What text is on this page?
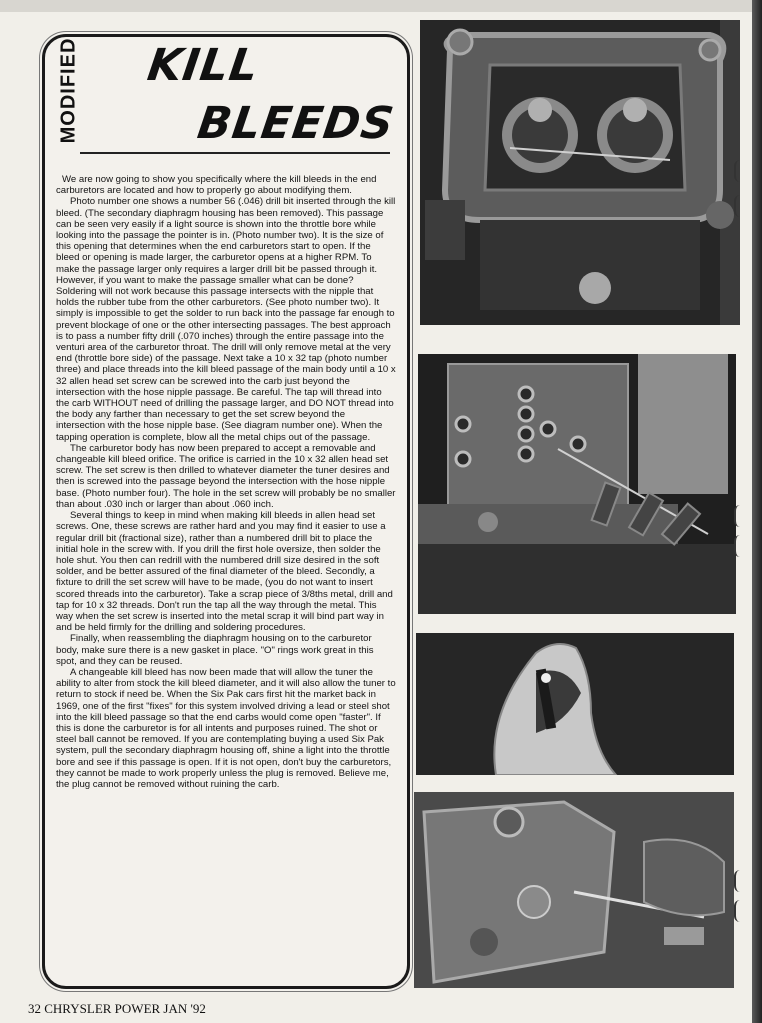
MODIFIED KILL
BLEEDS

We are now going to show you specifically where the kill bleeds in the end carburetors are located and how to properly go about modifying them.

Photo number one shows a number 56 (.046) drill bit inserted through the kill bleed. (The secondary diaphragm housing has been removed). This passage can be seen very easily if a light source is shown into the throttle bore while looking into the passage the pointer is in. (Photo number two). It is the size of this opening that determines when the end carburetors start to open. If the bleed or opening is made larger, the carburetor opens at a higher RPM. To make the passage larger only requires a larger drill bit be passed through it. However, if you want to make the passage smaller what can be done? Soldering will not work because this passage intersects with the nipple that holds the rubber tube from the other carburetors. (See photo number two). It simply is impossible to get the solder to run back into the passage far enough to prevent blockage of one or the other intersecting passages. The best approach is to pass a number fifty drill (.070 inches) through the entire passage into the venturi area of the carburetor throat. The drill will only remove metal at the very end (throttle bore side) of the passage. Next take a 10 x 32 tap (photo number three) and place threads into the kill bleed passage of the main body until a 10 x 32 allen head set screw can be screwed into the carb just beyond the intersection with the hose nipple passage. Be careful. The tap will thread into the carb WITHOUT need of drilling the passage larger, and DO NOT thread into the body any farther than necessary to get the set screw beyond the intersection with the hose nipple base. (See diagram number one). When the tapping operation is complete, blow all the metal chips out of the passage.

The carburetor body has now been prepared to accept a removable and changeable kill bleed orifice. The orifice is carried in the 10 x 32 allen head set screw. The set screw is then drilled to whatever diameter the tuner desires and then is screwed into the passage beyond the intersection with the hose nipple base. (Photo number four). The hole in the set screw will probably be no smaller than about .030 inch or larger than about .060 inch.

Several things to keep in mind when making kill bleeds in allen head set screws. One, these screws are rather hard and you may find it easier to use a regular drill bit (fractional size), rather than a numbered drill bit to place the initial hole in the screw with. If you drill the first hole oversize, then solder the hole shut. You then can redrill with the numbered drill size desired in the soft solder, and be better assured of the final diameter of the bleed. Secondly, a fixture to drill the set screw will have to be made, (you do not want to insert scored threads into the carburetor). Take a scrap piece of 3/8ths metal, drill and tap for 10 x 32 threads. Don't run the tap all the way through the metal. This way when the set screw is inserted into the metal scrap it will bind part way in and be held firmly for the drilling and soldering procedures.

Finally, when reassembling the diaphragm housing on to the carburetor body, make sure there is a new gasket in place. "O" rings work great in this spot, and they can be reused.

A changeable kill bleed has now been made that will allow the tuner the ability to alter from stock the kill bleed diameter, and it will also allow the tuner to return to stock if need be. When the Six Pak cars first hit the market back in 1969, one of the first "fixes" for this system involved driving a lead or steel shot into the kill bleed passage so that the end carbs would come open "faster". If this is done the carburetor is for all intents and purposes ruined. The shot or steel ball cannot be removed. If you are contemplating buying a used Six Pak system, pull the secondary diaphragm housing off, shine a light into the throttle bore and see if this passage is open. If it is not open, don't buy the carburetors, they cannot be made to work properly unless the plug is removed. Believe me, the plug cannot be removed without ruining the carb.

32 CHRYSLER POWER JAN '92
